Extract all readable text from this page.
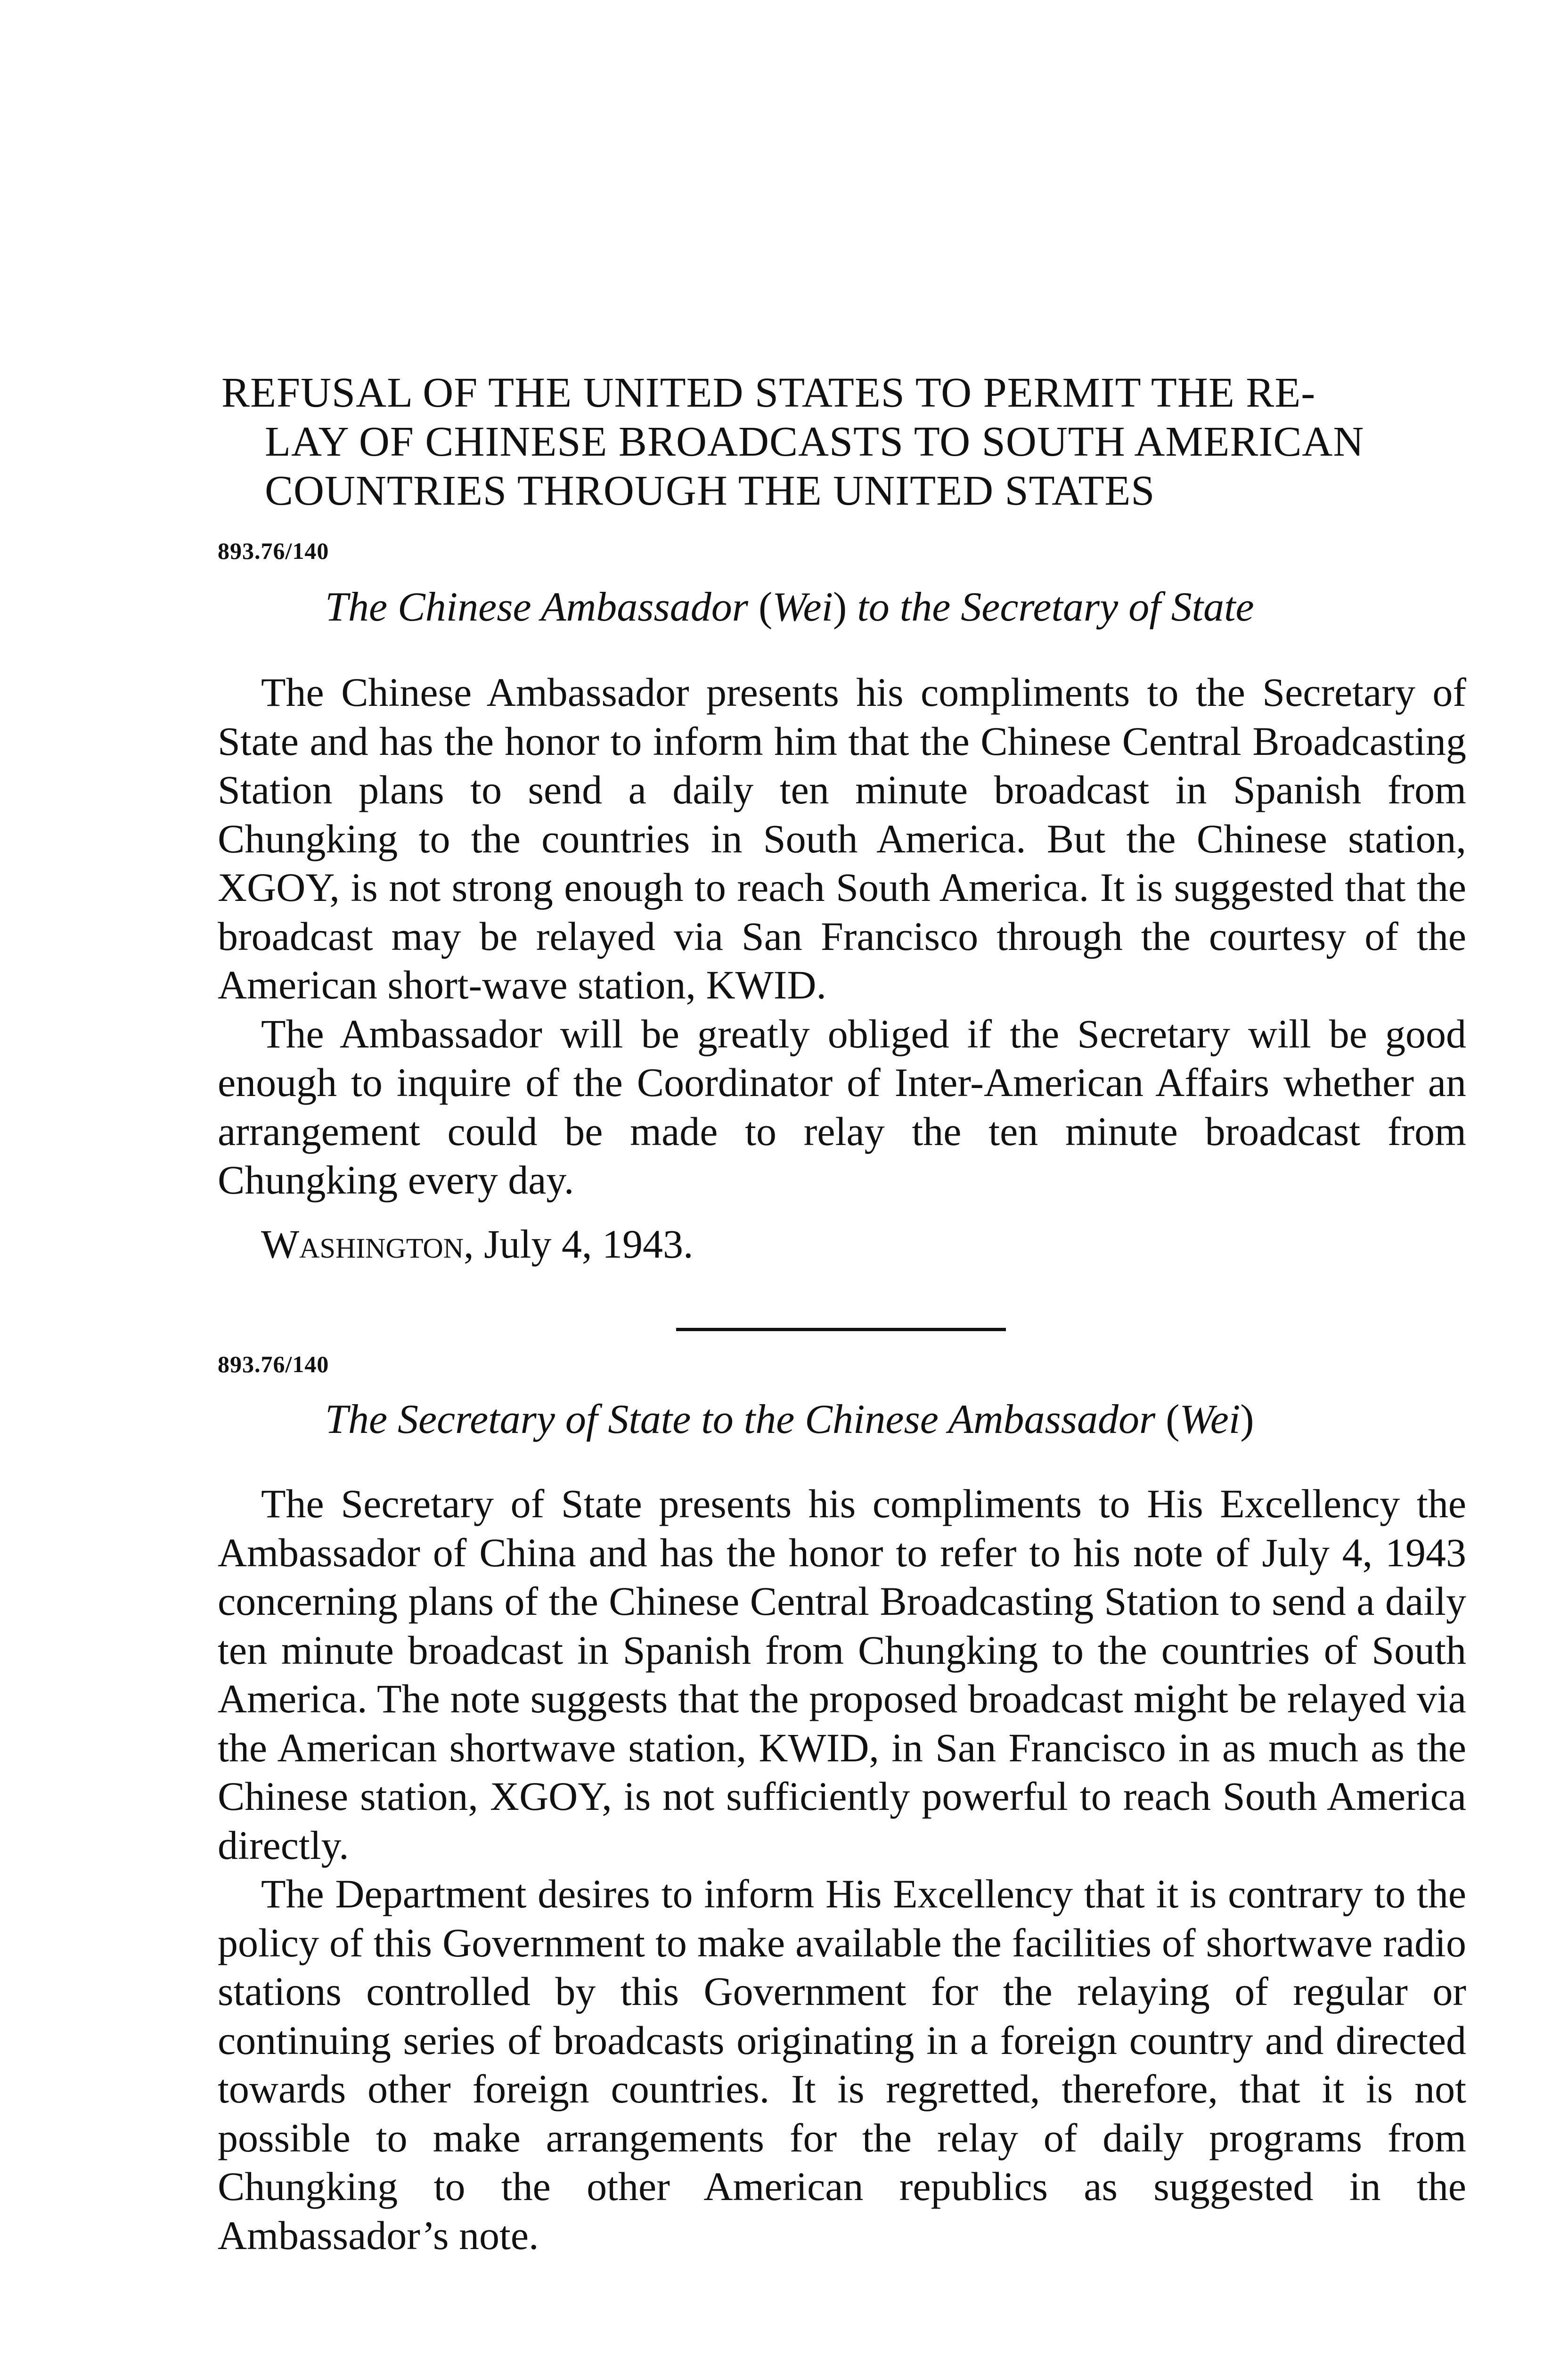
REFUSAL OF THE UNITED STATES TO PERMIT THE RE-
LAY OF CHINESE BROADCASTS TO SOUTH AMERICAN
COUNTRIES THROUGH THE UNITED STATES
893.76/140
The Chinese Ambassador (Wei) to the Secretary of State

The Chinese Ambassador presents his compliments to the Secretary of State and has the honor to inform him that the Chinese Central Broadcasting Station plans to send a daily ten minute broadcast in Spanish from Chungking to the countries in South America. But the Chinese station, XGOY, is not strong enough to reach South America. It is suggested that the broadcast may be relayed via San Francisco through the courtesy of the American short-wave station, KWID.

The Ambassador will be greatly obliged if the Secretary will be good enough to inquire of the Coordinator of Inter-American Affairs whether an arrangement could be made to relay the ten minute broadcast from Chungking every day.

Washington, July 4, 1943.
893.76/140
The Secretary of State to the Chinese Ambassador (Wei)

The Secretary of State presents his compliments to His Excellency the Ambassador of China and has the honor to refer to his note of July 4, 1943 concerning plans of the Chinese Central Broadcasting Station to send a daily ten minute broadcast in Spanish from Chungking to the countries of South America. The note suggests that the proposed broadcast might be relayed via the American shortwave station, KWID, in San Francisco in as much as the Chinese station, XGOY, is not sufficiently powerful to reach South America directly.

The Department desires to inform His Excellency that it is contrary to the policy of this Government to make available the facilities of shortwave radio stations controlled by this Government for the relaying of regular or continuing series of broadcasts originating in a foreign country and directed towards other foreign countries. It is regretted, therefore, that it is not possible to make arrangements for the relay of daily programs from Chungking to the other American republics as suggested in the Ambassador’s note.
